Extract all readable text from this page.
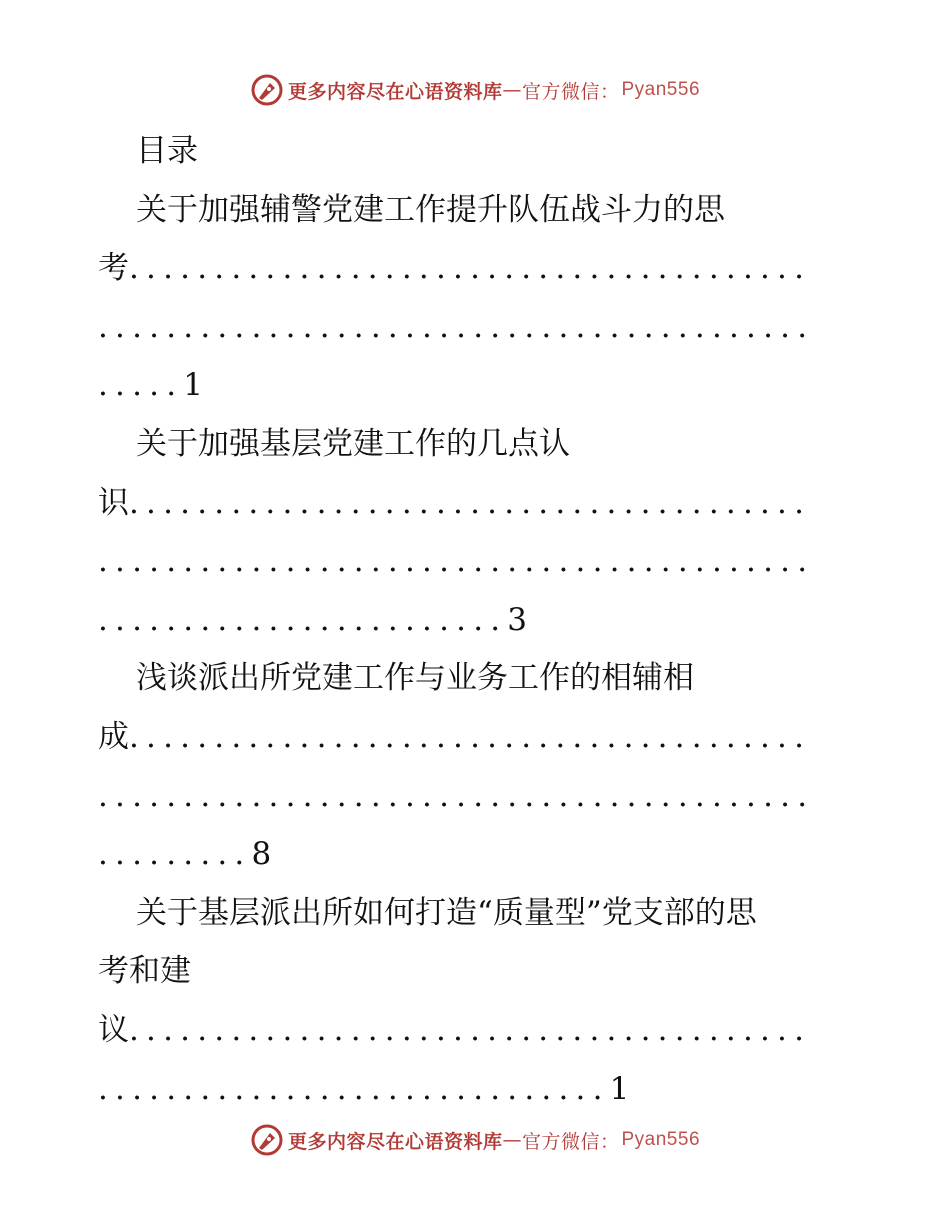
更多内容尽在心语资料库 — 官方微信： Pyan556
目录
关于加强辅警党建工作提升队伍战斗力的思
考........................................
..........................................
.....1
关于加强基层党建工作的几点认
识........................................
..........................................
........................3
浅谈派出所党建工作与业务工作的相辅相
成........................................
..........................................
.........8
关于基层派出所如何打造“质量型”党支部的思
考和建
议........................................
..............................1
更多内容尽在心语资料库 — 官方微信： Pyan556
